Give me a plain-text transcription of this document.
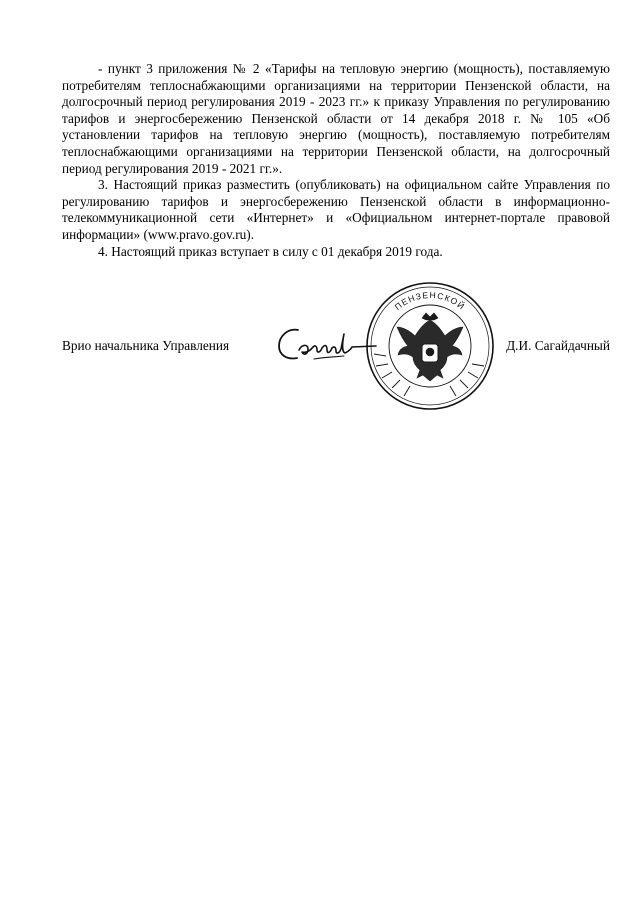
- пункт 3 приложения № 2 «Тарифы на тепловую энергию (мощность), поставляемую потребителям теплоснабжающими организациями на территории Пензенской области, на долгосрочный период регулирования 2019 - 2023 гг.» к приказу Управления по регулированию тарифов и энергосбережению Пензенской области от 14 декабря 2018 г. № 105 «Об установлении тарифов на тепловую энергию (мощность), поставляемую потребителям теплоснабжающими организациями на территории Пензенской области, на долгосрочный период регулирования 2019 - 2021 гг.».

3. Настоящий приказ разместить (опубликовать) на официальном сайте Управления по регулированию тарифов и энергосбережению Пензенской области в информационно-телекоммуникационной сети «Интернет» и «Официальном интернет-портале правовой информации» (www.pravo.gov.ru).

4. Настоящий приказ вступает в силу с 01 декабря 2019 года.

ПЕНЗЕНСКОЙ
Врио начальника Управления	Д.И. Сагайдачный
